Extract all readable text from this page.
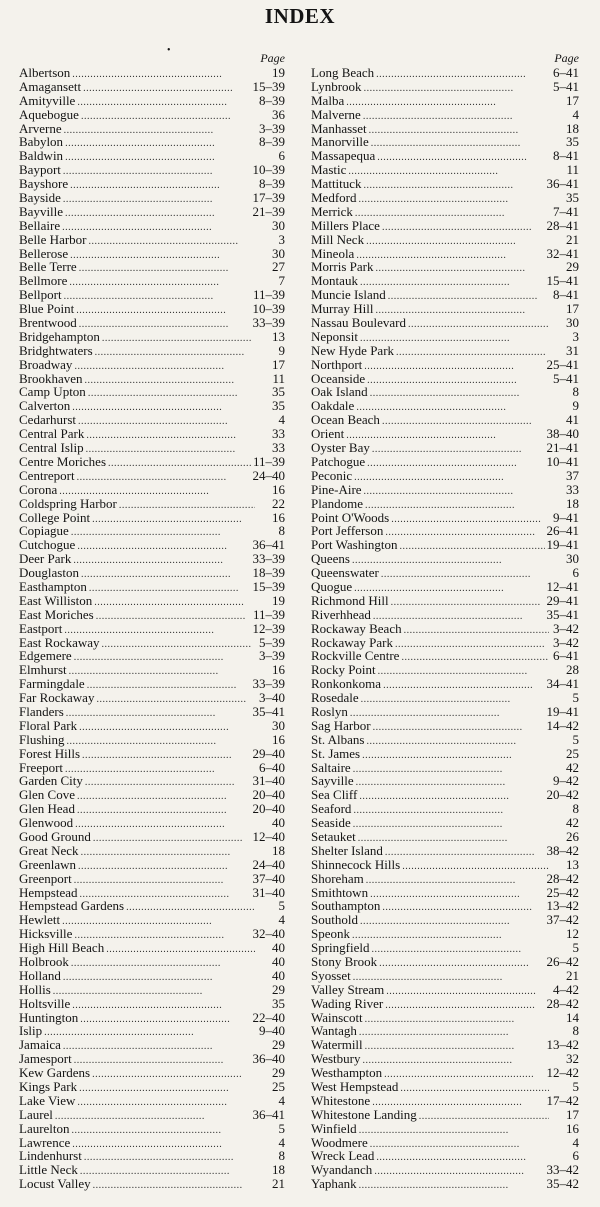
INDEX
•
Page
Albertson . . .	19
Amagansett . . .	15–39
Amityville . . .	8–39
Aquebogue . . .	36
Arverne . . .	3–39
Babylon . . .	8–39
Baldwin . . .	6
Bayport . . .	10–39
Bayshore . . .	8–39
Bayside . . .	17–39
Bayville . . .	21–39
Bellaire . . .	30
Belle Harbor . . .	3
Bellerose . . .	30
Belle Terre . . .	27
Bellmore . . .	7
Bellport . . .	11–39
Blue Point . . .	10–39
Brentwood . . .	33–39
Bridgehampton . . .	13
Bridghtwaters . . .	9
Broadway . . .	17
Brookhaven . . .	11
Camp Upton . . .	35
Calverton . . .	35
Cedarhurst . . .	4
Central Park . . .	33
Central Islip . . .	33
Centre Moriches . . .	11–39
Centreport . . .	24–40
Corona . . .	16
Coldspring Harbor . . .	22
College Point . . .	16
Copiague . . .	8
Cutchogue . . .	36–41
Deer Park . . .	33–39
Douglaston . . .	18–39
Easthampton . . .	15–39
East Williston . . .	19
East Moriches . . .	11–39
Eastport . . .	12–39
East Rockaway . . .	5–39
Edgemere . . .	3–39
Elmhurst . . .	16
Farmingdale . . .	33–39
Far Rockaway . . .	3–40
Flanders . . .	35–41
Floral Park . . .	30
Flushing . . .	16
Forest Hills . . .	29–40
Freeport . . .	6–40
Garden City . . .	31–40
Glen Cove . . .	20–40
Glen Head . . .	20–40
Glenwood . . .	40
Good Ground . . .	12–40
Great Neck . . .	18
Greenlawn . . .	24–40
Greenport . . .	37–40
Hempstead . . .	31–40
Hempstead Gardens . . .	5
Hewlett . . .	4
Hicksville . . .	32–40
High Hill Beach . . .	40
Holbrook . . .	40
Holland . . .	40
Hollis . . .	29
Holtsville . . .	35
Huntington . . .	22–40
Islip . . .	9–40
Jamaica . . .	29
Jamesport . . .	36–40
Kew Gardens . . .	29
Kings Park . . .	25
Lake View . . .	4
Laurel . . .	36–41
Laurelton . . .	5
Lawrence . . .	4
Lindenhurst . . .	8
Little Neck . . .	18
Locust Valley . . .	21
Page
Long Beach . . .	6–41
Lynbrook . . .	5–41
Malba . . .	17
Malverne . . .	4
Manhasset . . .	18
Manorville . . .	35
Massapequa . . .	8–41
Mastic . . .	11
Mattituck . . .	36–41
Medford . . .	35
Merrick . . .	7–41
Millers Place . . .	28–41
Mill Neck . . .	21
Mineola . . .	32–41
Morris Park . . .	29
Montauk . . .	15–41
Muncie Island . . .	8–41
Murray Hill . . .	17
Nassau Boulevard . . .	30
Neponsit . . .	3
New Hyde Park . . .	31
Northport . . .	25–41
Oceanside . . .	5–41
Oak Island . . .	8
Oakdale . . .	9
Ocean Beach . . .	41
Orient . . .	38–40
Oyster Bay . . .	21–41
Patchogue . . .	10–41
Peconic . . .	37
Pine-Aire . . .	33
Plandome . . .	18
Point O'Woods . . .	9–41
Port Jefferson . . .	26–41
Port Washington . . .	19–41
Queens . . .	30
Queenswater . . .	6
Quogue . . .	12–41
Richmond Hill . . .	29–41
Riverhhead . . .	35–41
Rockaway Beach . . .	3–42
Rockaway Park . . .	3–42
Rockville Centre . . .	6–41
Rocky Point . . .	28
Ronkonkoma . . .	34–41
Rosedale . . .	5
Roslyn . . .	19–41
Sag Harbor . . .	14–42
St. Albans . . .	5
St. James . . .	25
Saltaire . . .	42
Sayville . . .	9–42
Sea Cliff . . .	20–42
Seaford . . .	8
Seaside . . .	42
Setauket . . .	26
Shelter Island . . .	38–42
Shinnecock Hills . . .	13
Shoreham . . .	28–42
Smithtown . . .	25–42
Southampton . . .	13–42
Southold . . .	37–42
Speonk . . .	12
Springfield . . .	5
Stony Brook . . .	26–42
Syosset . . .	21
Valley Stream . . .	4–42
Wading River . . .	28–42
Wainscott . . .	14
Wantagh . . .	8
Watermill . . .	13–42
Westbury . . .	32
Westhampton . . .	12–42
West Hempstead . . .	5
Whitestone . . .	17–42
Whitestone Landing . . .	17
Winfield . . .	16
Woodmere . . .	4
Wreck Lead . . .	6
Wyandanch . . .	33–42
Yaphank . . .	35–42
